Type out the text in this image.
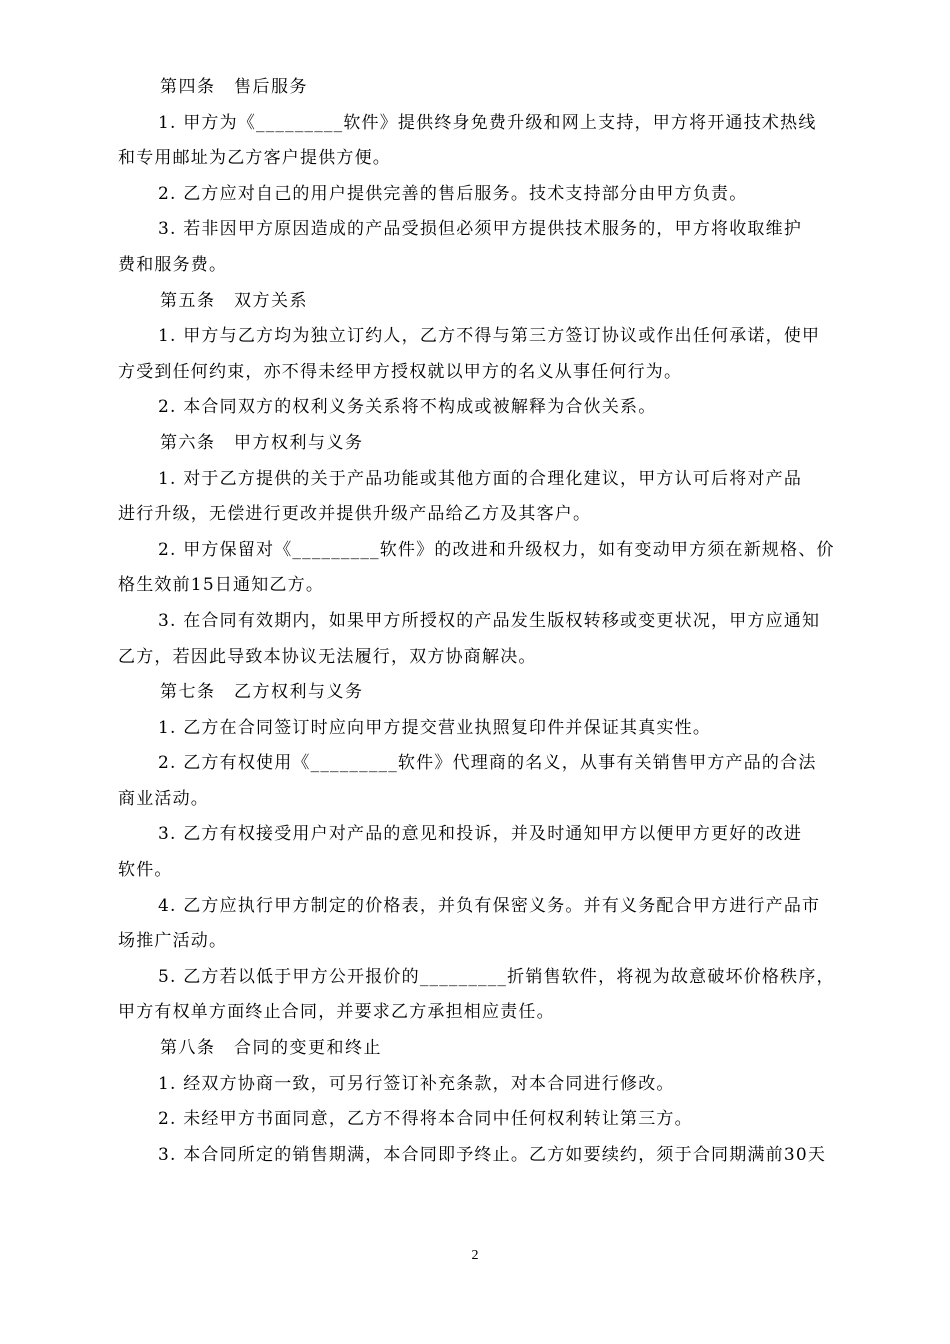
第四条　售后服务
1. 甲方为《_________软件》提供终身免费升级和网上支持，甲方将开通技术热线
和专用邮址为乙方客户提供方便。
2. 乙方应对自己的用户提供完善的售后服务。技术支持部分由甲方负责。
3. 若非因甲方原因造成的产品受损但必须甲方提供技术服务的，甲方将收取维护
费和服务费。
第五条　双方关系
1. 甲方与乙方均为独立订约人，乙方不得与第三方签订协议或作出任何承诺，使甲
方受到任何约束，亦不得未经甲方授权就以甲方的名义从事任何行为。
2. 本合同双方的权利义务关系将不构成或被解释为合伙关系。
第六条　甲方权利与义务
1. 对于乙方提供的关于产品功能或其他方面的合理化建议，甲方认可后将对产品
进行升级，无偿进行更改并提供升级产品给乙方及其客户。
2. 甲方保留对《_________软件》的改进和升级权力，如有变动甲方须在新规格、价
格生效前15日通知乙方。
3. 在合同有效期内，如果甲方所授权的产品发生版权转移或变更状况，甲方应通知
乙方，若因此导致本协议无法履行，双方协商解决。
第七条　乙方权利与义务
1. 乙方在合同签订时应向甲方提交营业执照复印件并保证其真实性。
2. 乙方有权使用《_________软件》代理商的名义，从事有关销售甲方产品的合法
商业活动。
3. 乙方有权接受用户对产品的意见和投诉，并及时通知甲方以便甲方更好的改进
软件。
4. 乙方应执行甲方制定的价格表，并负有保密义务。并有义务配合甲方进行产品市
场推广活动。
5. 乙方若以低于甲方公开报价的_________折销售软件，将视为故意破坏价格秩序，
甲方有权单方面终止合同，并要求乙方承担相应责任。
第八条　合同的变更和终止
1. 经双方协商一致，可另行签订补充条款，对本合同进行修改。
2. 未经甲方书面同意，乙方不得将本合同中任何权利转让第三方。
3. 本合同所定的销售期满，本合同即予终止。乙方如要续约，须于合同期满前30天
2
